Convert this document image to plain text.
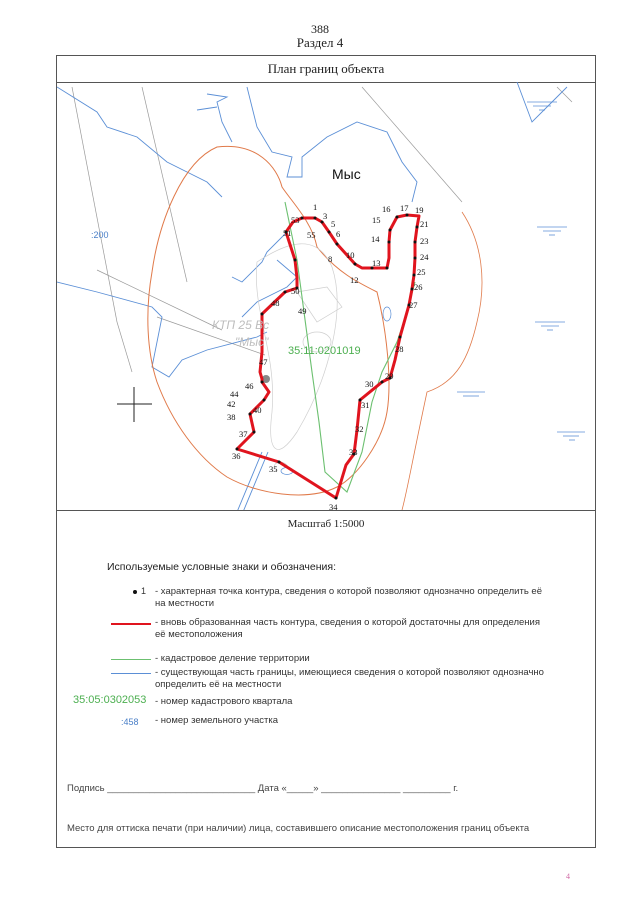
388
Раздел 4
План границ объекта
1
53	3
5
6
51 55
8 10
12
13
14
15
16 17 19
21
23
24
25
26
27
28
29
30
31
32
33
34
35
36
37
38
40
42
44
46
47
48
49
50
Мыс
35:11:0201019
:200
КТП 25 Вс
"Мыс"
Масштаб 1:5000
Используемые условные знаки и обозначения:
1 - характерная точка контура, сведения о которой позволяют однозначно определить её
на местности
- вновь образованная часть контура, сведения о которой достаточны для определения
её местоположения
- кадастровое деление территории
- существующая часть границы, имеющиеся сведения о которой позволяют однозначно
определить её на местности
35:05:0302053 - номер кадастрового квартала
:458 - номер земельного участка
Подпись ____________________________ Дата «_____» _______________ _________ г.
Место для оттиска печати (при наличии) лица, составившего описание местоположения границ объекта
4
